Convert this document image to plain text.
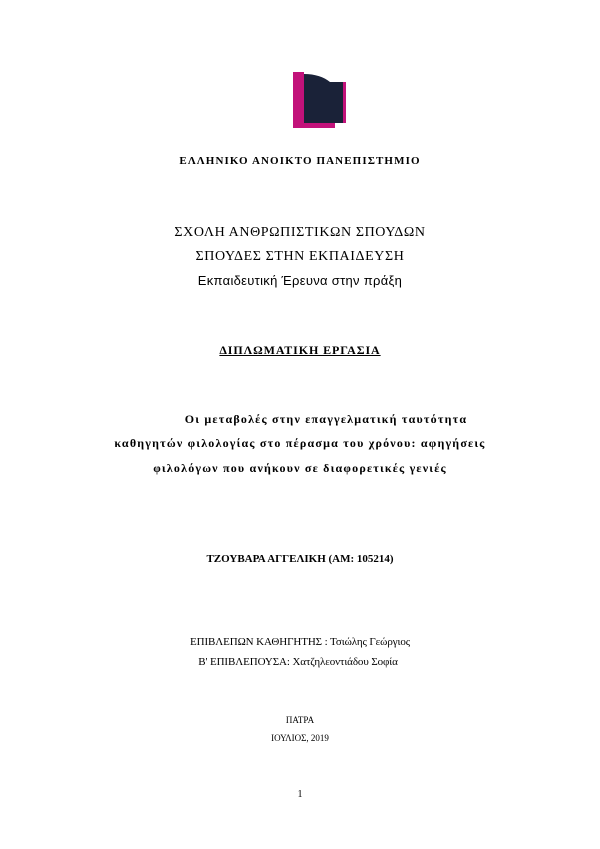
ΕΛΛΗΝΙΚΟ ΑΝΟΙΚΤΟ ΠΑΝΕΠΙΣΤΗΜΙΟ
ΣΧΟΛΗ ΑΝΘΡΩΠΙΣΤΙΚΩΝ ΣΠΟΥΔΩΝ
ΣΠΟΥΔΕΣ ΣΤΗΝ ΕΚΠΑΙΔΕΥΣΗ
Εκπαιδευτική Έρευνα στην πράξη
ΔΙΠΛΩΜΑΤΙΚΗ ΕΡΓΑΣΙΑ
Οι μεταβολές στην επαγγελματική ταυτότητα
καθηγητών φιλολογίας στο πέρασμα του χρόνου: αφηγήσεις
φιλολόγων που ανήκουν σε διαφορετικές γενιές
ΤΖΟΥΒΑΡΑ ΑΓΓΕΛΙΚΗ (ΑΜ: 105214)
ΕΠΙΒΛΕΠΩΝ ΚΑΘΗΓΗΤΗΣ : Τσιώλης Γεώργιος
Β' ΕΠΙΒΛΕΠΟΥΣΑ: Χατζηλεοντιάδου Σοφία
ΠΑΤΡΑ
ΙΟΥΛΙΟΣ, 2019
1
